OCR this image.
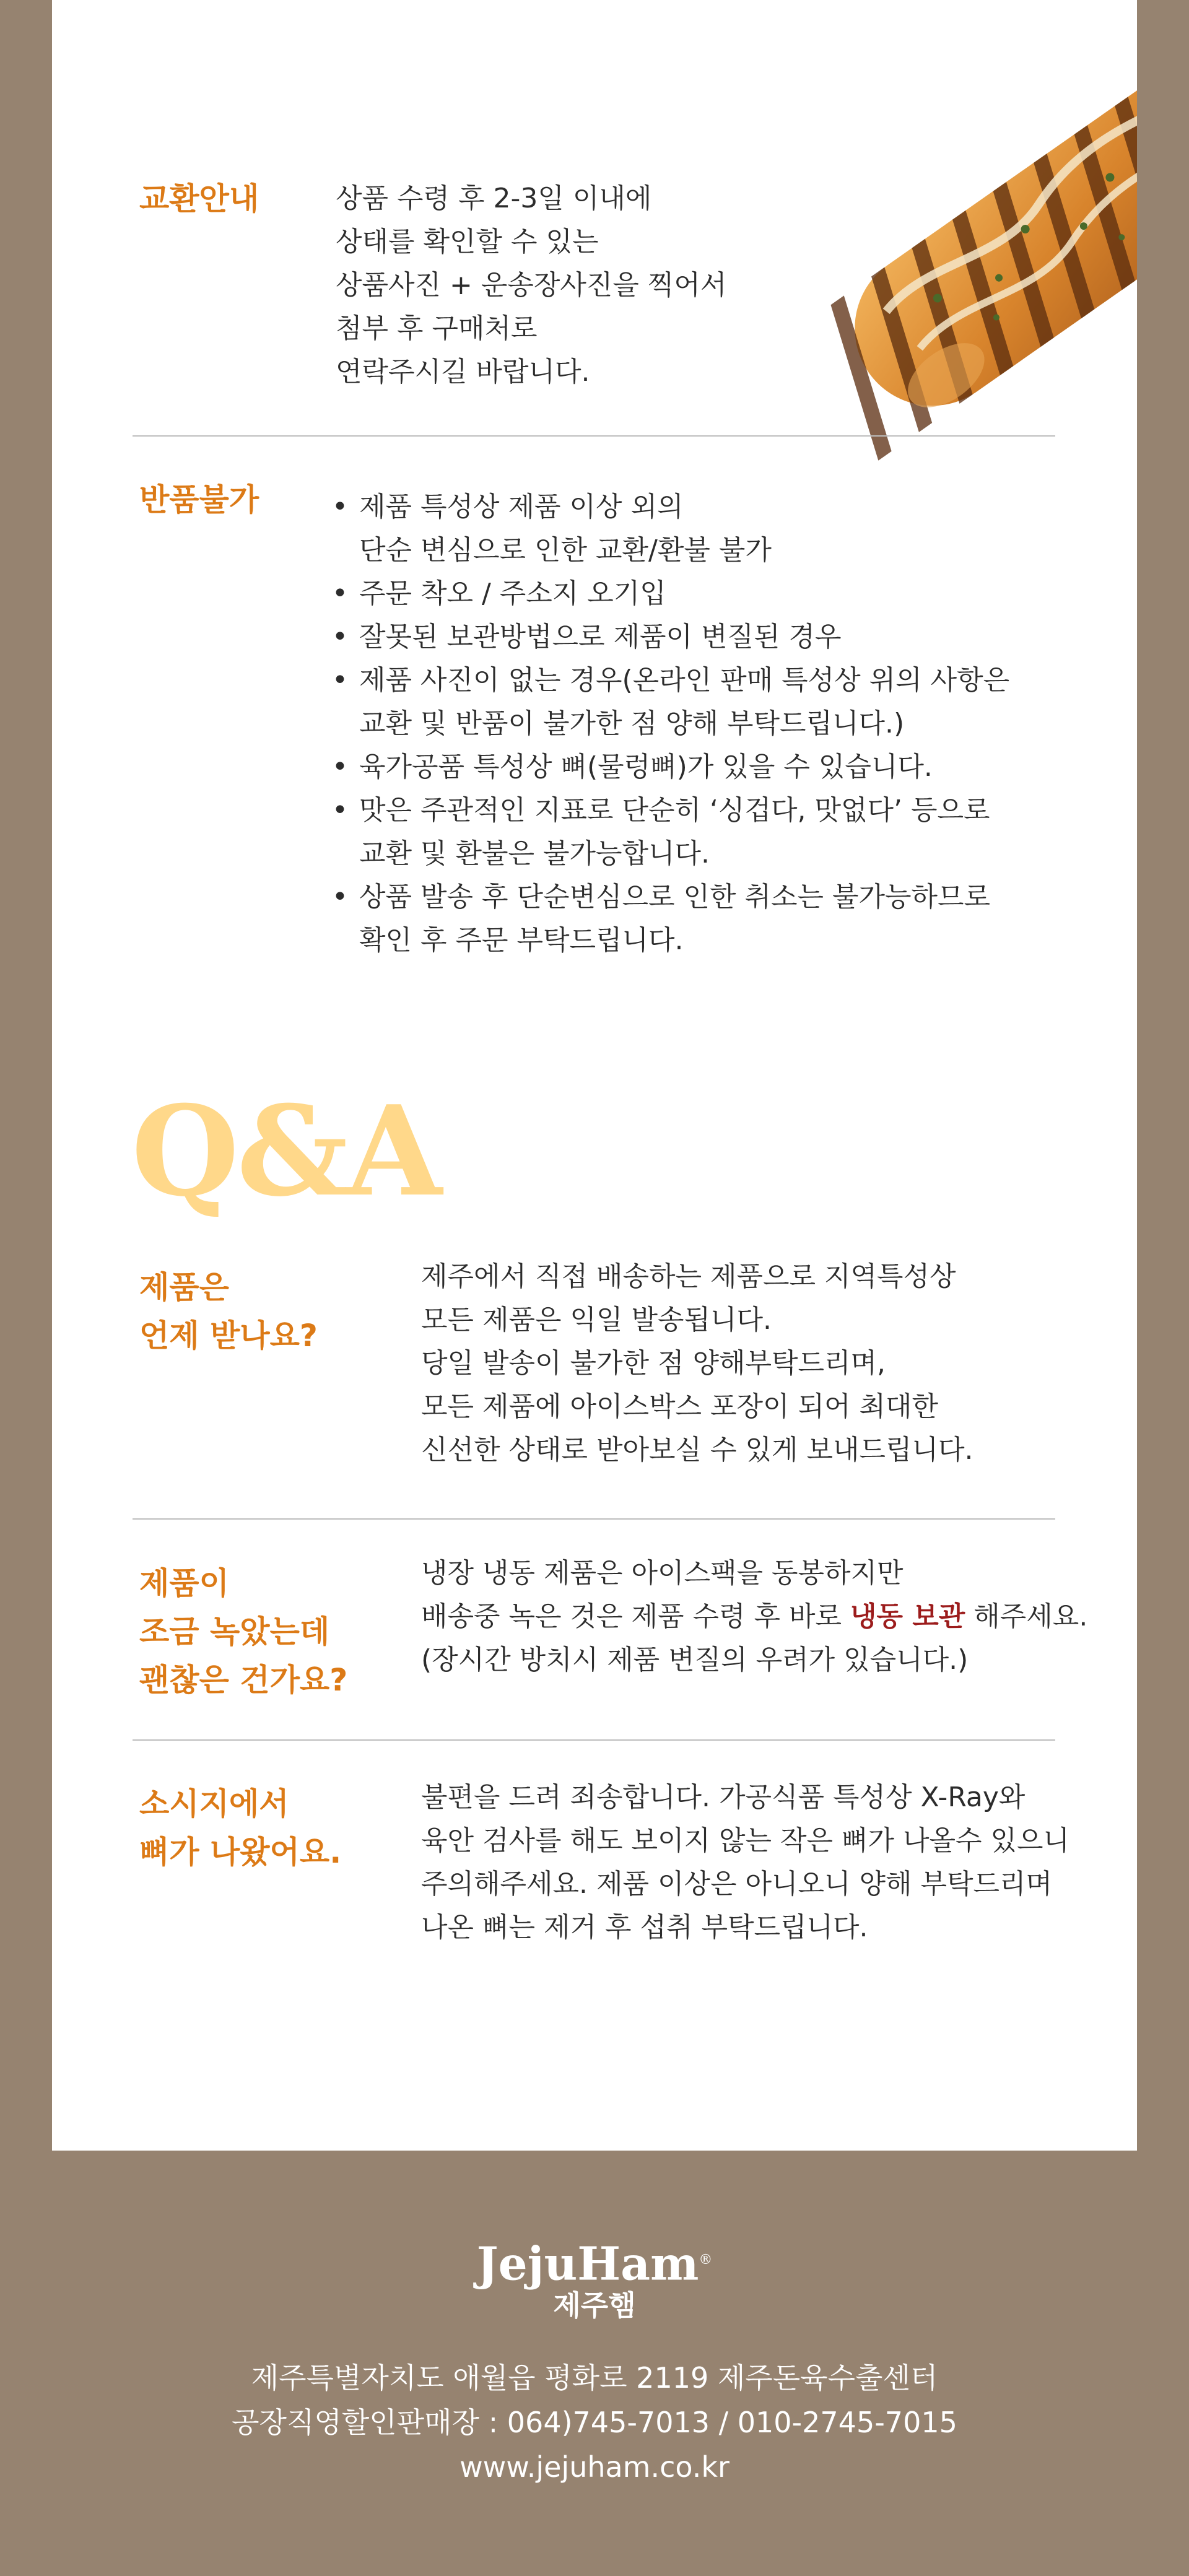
교환안내	상품 수령 후 2-3일 이내에

상태를 확인할 수 있는

상품사진 + 운송장사진을 찍어서

첨부 후 구매처로

연락주시길 바랍니다.

반품불가
•	제품 특성상 제품 이상 외의
단순 변심으로 인한 교환/환불 불가
• 주문 착오 / 주소지 오기입
• 잘못된 보관방법으로 제품이 변질된 경우
• 제품 사진이 없는 경우(온라인 판매 특성상 위의 사항은
교환 및 반품이 불가한 점 양해 부탁드립니다.)
• 육가공품 특성상 뼈(물렁뼈)가 있을 수 있습니다.
• 맛은 주관적인 지표로 단순히 ‘싱겁다, 맛없다’ 등으로
교환 및 환불은 불가능합니다.
• 상품 발송 후 단순변심으로 인한 취소는 불가능하므로
확인 후 주문 부탁드립니다.
Q&A
제품은
언제 받나요?

제주에서 직접 배송하는 제품으로 지역특성상

모든 제품은 익일 발송됩니다.

당일 발송이 불가한 점 양해부탁드리며,

모든 제품에 아이스박스 포장이 되어 최대한

신선한 상태로 받아보실 수 있게 보내드립니다.

제품이
조금 녹았는데
괜찮은 건가요?

냉장 냉동 제품은 아이스팩을 동봉하지만

배송중 녹은 것은 제품 수령 후 바로 냉동 보관 해주세요.

(장시간 방치시 제품 변질의 우려가 있습니다.)

소시지에서
뼈가 나왔어요.

불편을 드려 죄송합니다. 가공식품 특성상 X-Ray와

육안 검사를 해도 보이지 않는 작은 뼈가 나올수 있으니

주의해주세요. 제품 이상은 아니오니 양해 부탁드리며

나온 뼈는 제거 후 섭취 부탁드립니다.

JejuHam®
제주햄
제주특별자치도 애월읍 평화로 2119 제주돈육수출센터
공장직영할인판매장 : 064)745-7013 / 010-2745-7015
www.jejuham.co.kr
